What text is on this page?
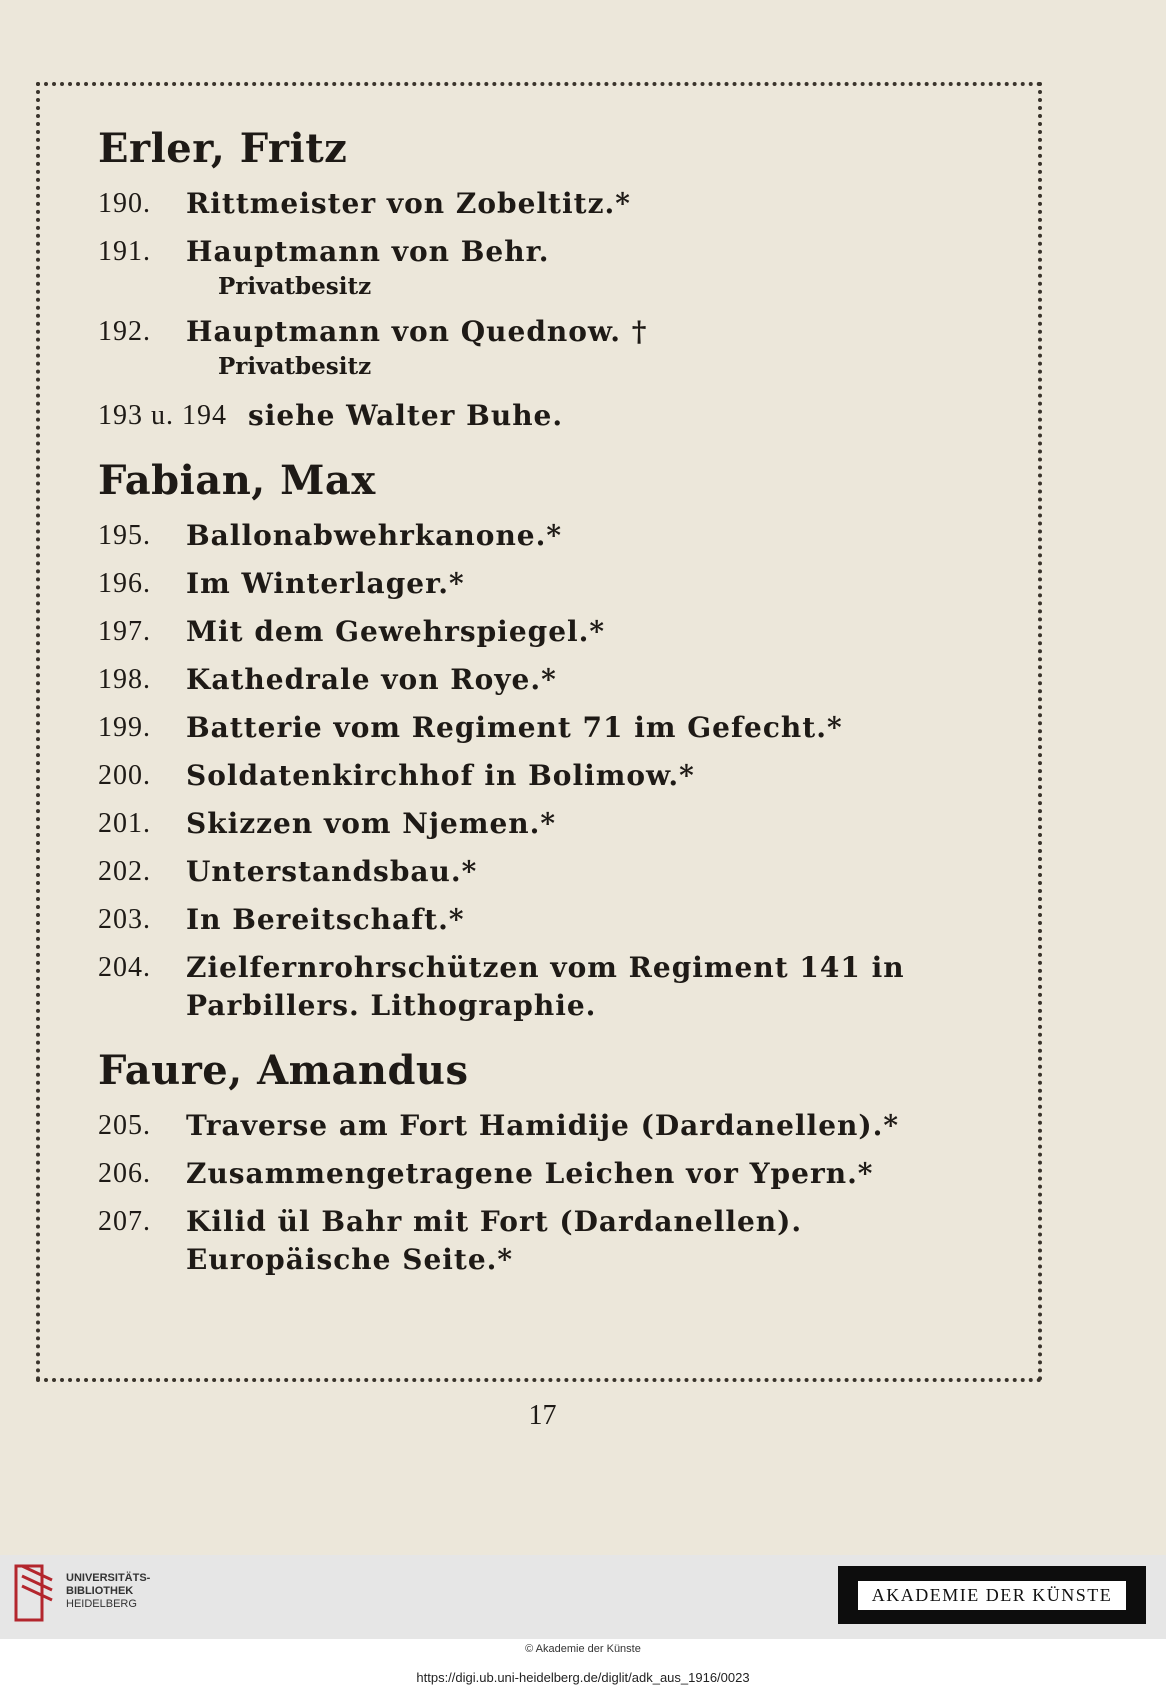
Erler, Fritz
190.	Rittmeister von Zobeltitz.*
191.	Hauptmann von Behr.
Privatbesitz
192.	Hauptmann von Quednow. †
Privatbesitz
193 u. 194 siehe Walter Buhe.
Fabian, Max
195.	Ballonabwehrkanone.*
196.	Im Winterlager.*
197.	Mit dem Gewehrspiegel.*
198.	Kathedrale von Roye.*
199.	Batterie vom Regiment 71 im Gefecht.*
200.	Soldatenkirchhof in Bolimow.*
201.	Skizzen vom Njemen.*
202.	Unterstandsbau.*
203.	In Bereitschaft.*
204.	Zielfernrohrschützen vom Regiment 141 in Parbillers. Lithographie.
Faure, Amandus
205.	Traverse am Fort Hamidije (Dardanellen).*
206.	Zusammengetragene Leichen vor Ypern.*
207.	Kilid ül Bahr mit Fort (Dardanellen). Europäische Seite.*
17
UNIVERSITÄTS-
BIBLIOTHEK
HEIDELBERG	AKADEMIE DER KÜNSTE
© Akademie der Künste
https://digi.ub.uni-heidelberg.de/diglit/adk_aus_1916/0023
